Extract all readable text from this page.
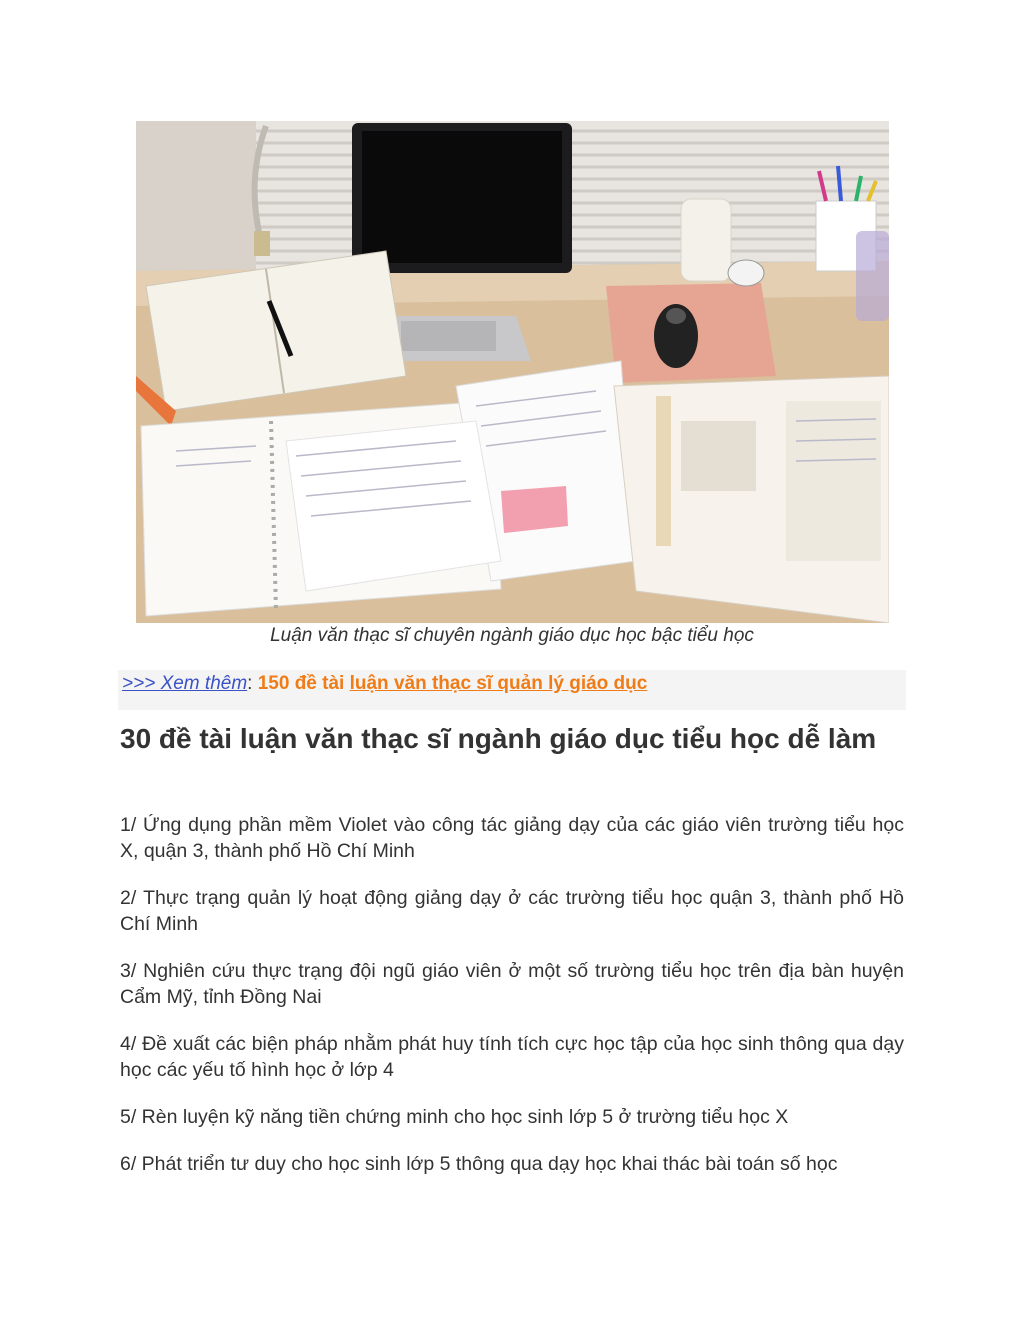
Luận văn thạc sĩ chuyên ngành giáo dục học bậc tiểu học
>>> Xem thêm: 150 đề tài luận văn thạc sĩ quản lý giáo dục
30 đề tài luận văn thạc sĩ ngành giáo dục tiểu học dễ làm
1/ Ứng dụng phần mềm Violet vào công tác giảng dạy của các giáo viên trường tiểu học X, quận 3, thành phố Hồ Chí Minh
2/ Thực trạng quản lý hoạt động giảng dạy ở các trường tiểu học quận 3, thành phố Hồ Chí Minh
3/ Nghiên cứu thực trạng đội ngũ giáo viên ở một số trường tiểu học trên địa bàn huyện Cẩm Mỹ, tỉnh Đồng Nai
4/ Đề xuất các biện pháp nhằm phát huy tính tích cực học tập của học sinh thông qua dạy học các yếu tố hình học ở lớp 4
5/ Rèn luyện kỹ năng tiền chứng minh cho học sinh lớp 5 ở trường tiểu học X
6/ Phát triển tư duy cho học sinh lớp 5 thông qua dạy học khai thác bài toán số học
